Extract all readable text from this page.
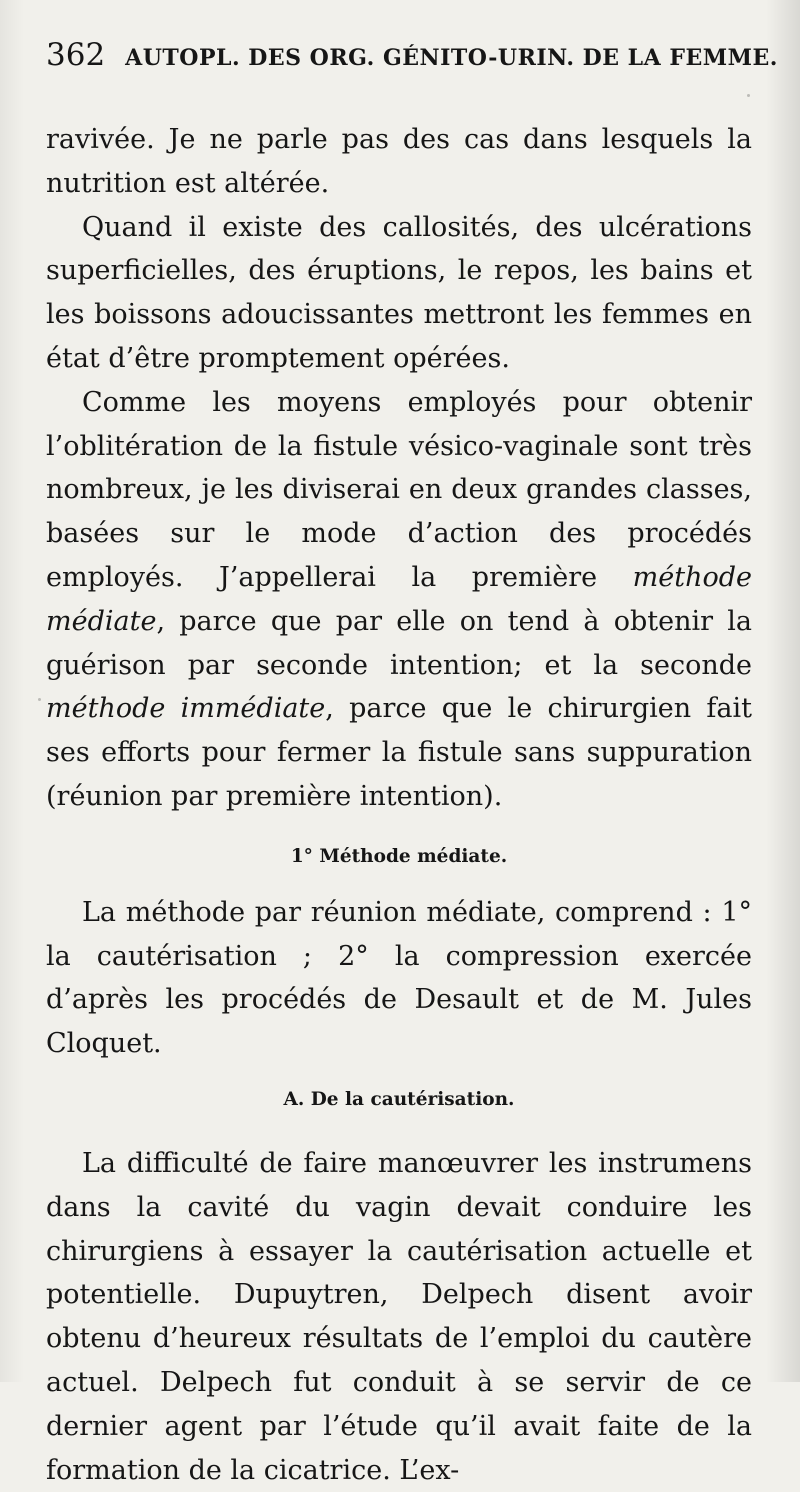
362 AUTOPL. DES ORG. GÉNITO-URIN. DE LA FEMME.

ravivée. Je ne parle pas des cas dans lesquels la nutrition est altérée.

Quand il existe des callosités, des ulcérations superficielles, des éruptions, le repos, les bains et les boissons adoucissantes mettront les femmes en état d’être promptement opérées.

Comme les moyens employés pour obtenir l’oblitération de la fistule vésico-vaginale sont très nombreux, je les diviserai en deux grandes classes, basées sur le mode d’action des procédés employés. J’appellerai la première méthode médiate, parce que par elle on tend à obtenir la guérison par seconde intention; et la seconde méthode immédiate, parce que le chirurgien fait ses efforts pour fermer la fistule sans suppuration (réunion par première intention).

1° Méthode médiate.

La méthode par réunion médiate, comprend : 1° la cautérisation ; 2° la compression exercée d’après les procédés de Desault et de M. Jules Cloquet.

A. De la cautérisation.

La difficulté de faire manœuvrer les instrumens dans la cavité du vagin devait conduire les chirurgiens à essayer la cautérisation actuelle et potentielle. Dupuytren, Delpech disent avoir obtenu d’heureux résultats de l’emploi du cautère actuel. Delpech fut conduit à se servir de ce dernier agent par l’étude qu’il avait faite de la formation de la cicatrice. L’ex-
